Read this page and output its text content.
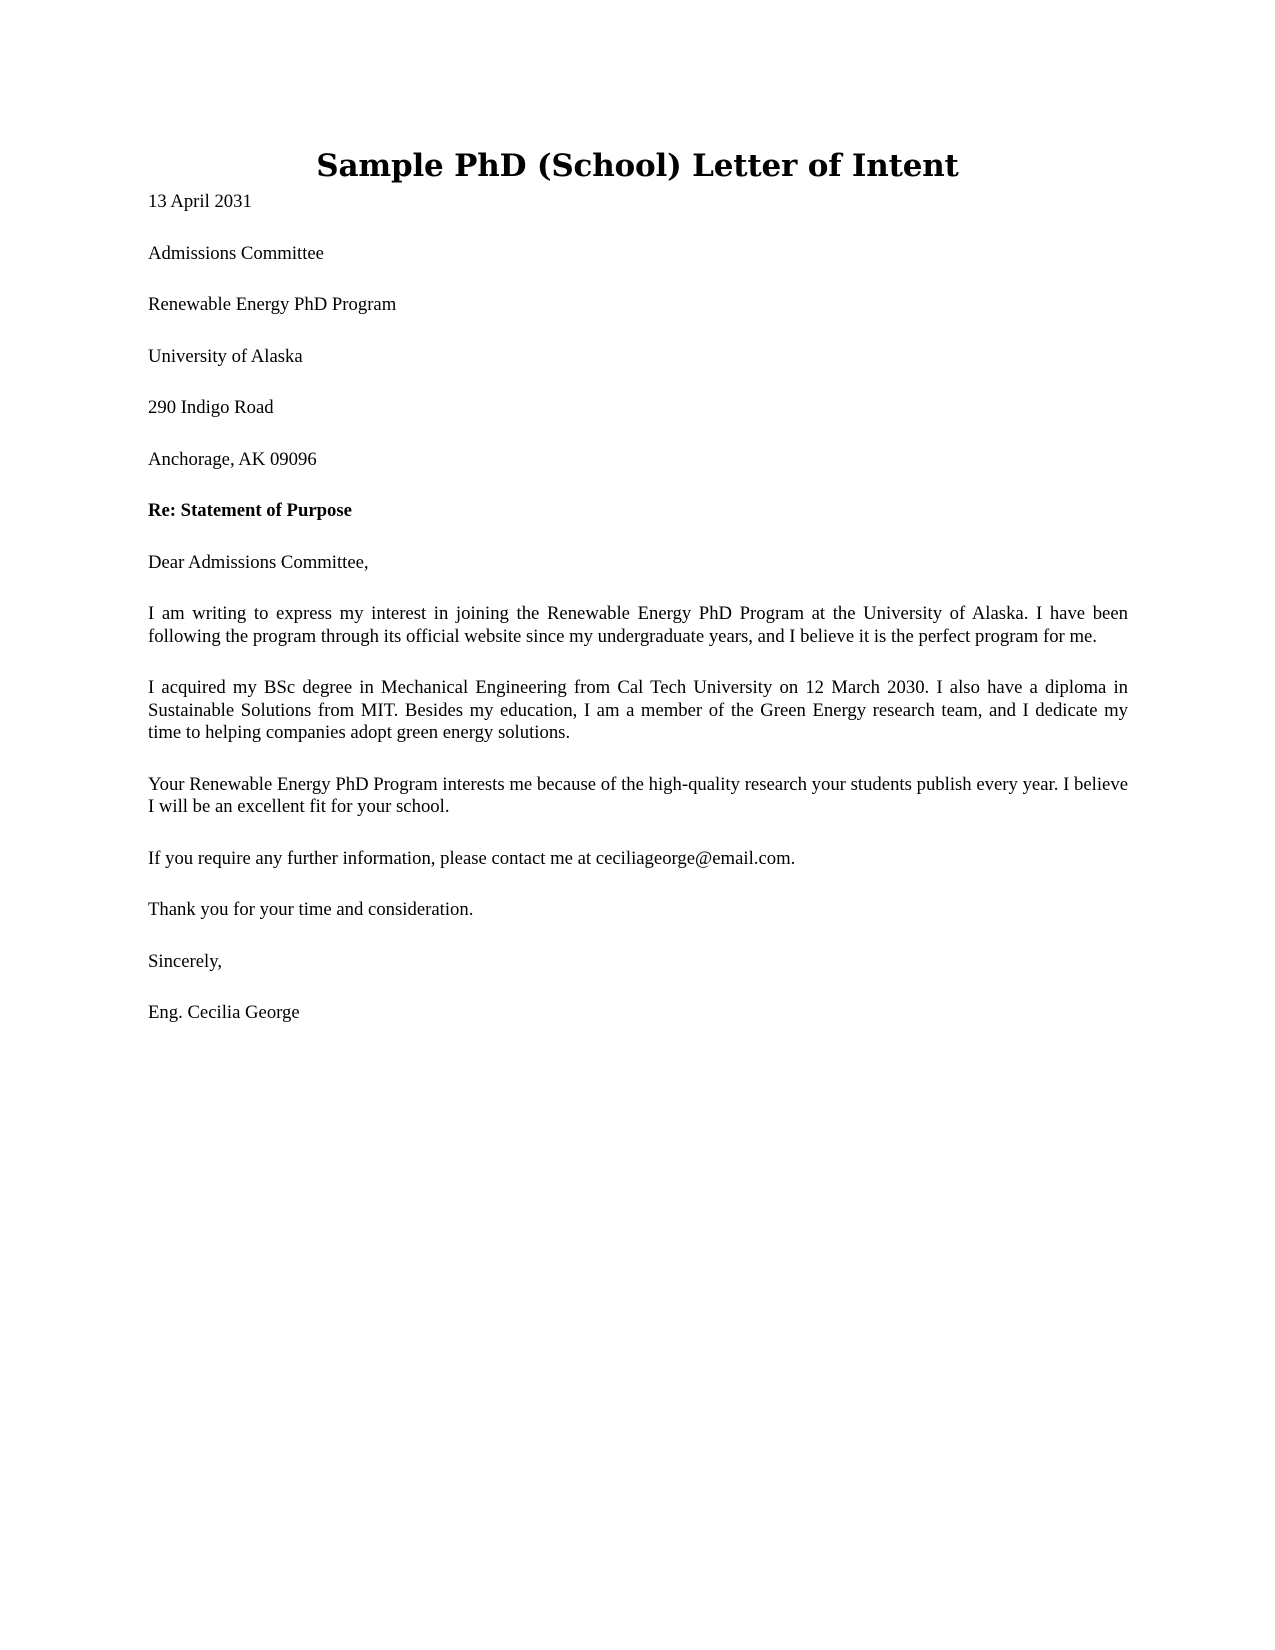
Sample PhD (School) Letter of Intent

13 April 2031

Admissions Committee

Renewable Energy PhD Program

University of Alaska

290 Indigo Road

Anchorage, AK 09096

Re: Statement of Purpose

Dear Admissions Committee,

I am writing to express my interest in joining the Renewable Energy PhD Program at the University of Alaska. I have been following the program through its official website since my undergraduate years, and I believe it is the perfect program for me.

I acquired my BSc degree in Mechanical Engineering from Cal Tech University on 12 March 2030. I also have a diploma in Sustainable Solutions from MIT. Besides my education, I am a member of the Green Energy research team, and I dedicate my time to helping companies adopt green energy solutions.

Your Renewable Energy PhD Program interests me because of the high-quality research your students publish every year. I believe I will be an excellent fit for your school.

If you require any further information, please contact me at ceciliageorge@email.com.

Thank you for your time and consideration.

Sincerely,

Eng. Cecilia George
